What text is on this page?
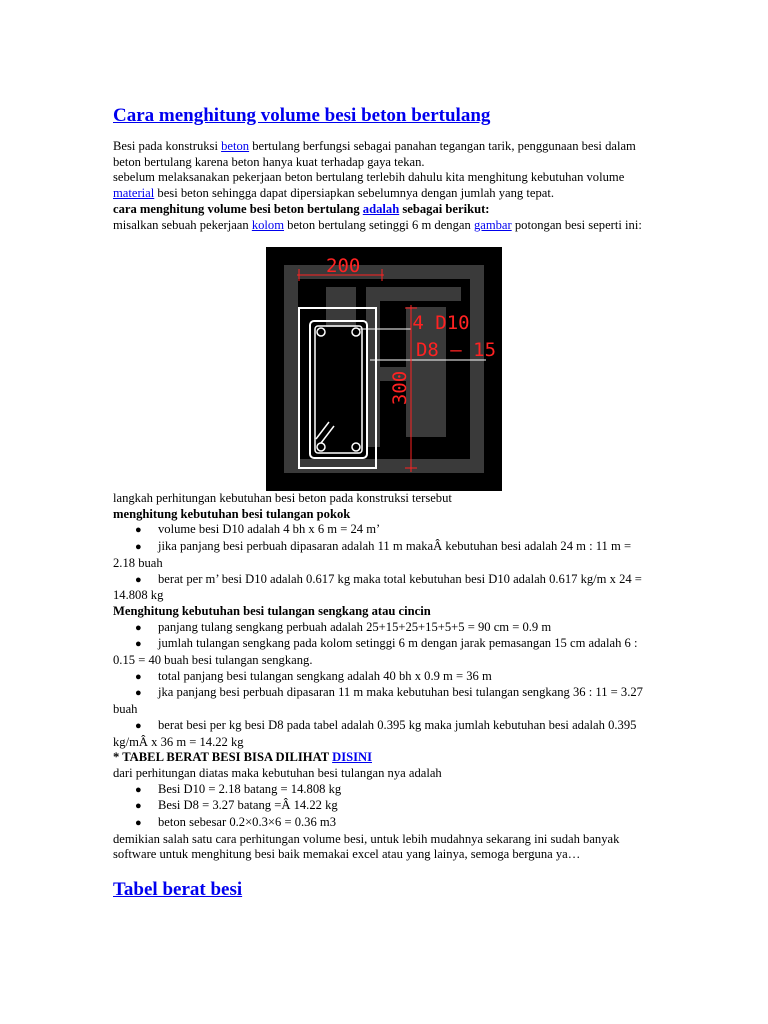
Cara menghitung volume besi beton bertulang

Besi pada konstruksi beton bertulang berfungsi sebagai panahan tegangan tarik, penggunaan besi dalam beton bertulang karena beton hanya kuat terhadap gaya tekan.

sebelum melaksanakan pekerjaan beton bertulang terlebih dahulu kita menghitung kebutuhan volume material besi beton sehingga dapat dipersiapkan sebelumnya dengan jumlah yang tepat.

cara menghitung volume besi beton bertulang adalah sebagai berikut:

misalkan sebuah pekerjaan kolom beton bertulang setinggi 6 m dengan gambar potongan besi seperti ini:

200
4 D10
D8 – 15
300

langkah perhitungan kebutuhan besi beton pada konstruksi tersebut

menghitung kebutuhan besi tulangan pokok

● volume besi D10 adalah 4 bh x 6 m = 24 m’
● jika panjang besi perbuah dipasaran adalah 11 m makaÂ kebutuhan besi adalah 24 m : 11 m = 2.18 buah
● berat per m’ besi D10 adalah 0.617 kg maka total kebutuhan besi D10 adalah 0.617 kg/m x 24 = 14.808 kg

Menghitung kebutuhan besi tulangan sengkang atau cincin

● panjang tulang sengkang perbuah adalah 25+15+25+15+5+5 = 90 cm = 0.9 m
● jumlah tulangan sengkang pada kolom setinggi 6 m dengan jarak pemasangan 15 cm adalah 6 : 0.15 = 40 buah besi tulangan sengkang.
● total panjang besi tulangan sengkang adalah 40 bh x 0.9 m = 36 m
● jka panjang besi perbuah dipasaran 11 m maka kebutuhan besi tulangan sengkang 36 : 11 = 3.27 buah
● berat besi per kg besi D8 pada tabel adalah 0.395 kg maka jumlah kebutuhan besi adalah 0.395 kg/mÂ x 36 m = 14.22 kg

* TABEL BERAT BESI BISA DILIHAT DISINI

dari perhitungan diatas maka kebutuhan besi tulangan nya adalah

● Besi D10 = 2.18 batang = 14.808 kg
● Besi D8 = 3.27 batang =Â 14.22 kg
● beton sebesar 0.2×0.3×6 = 0.36 m3

demikian salah satu cara perhitungan volume besi, untuk lebih mudahnya sekarang ini sudah banyak software untuk menghitung besi baik memakai excel atau yang lainya, semoga berguna ya…

Tabel berat besi
